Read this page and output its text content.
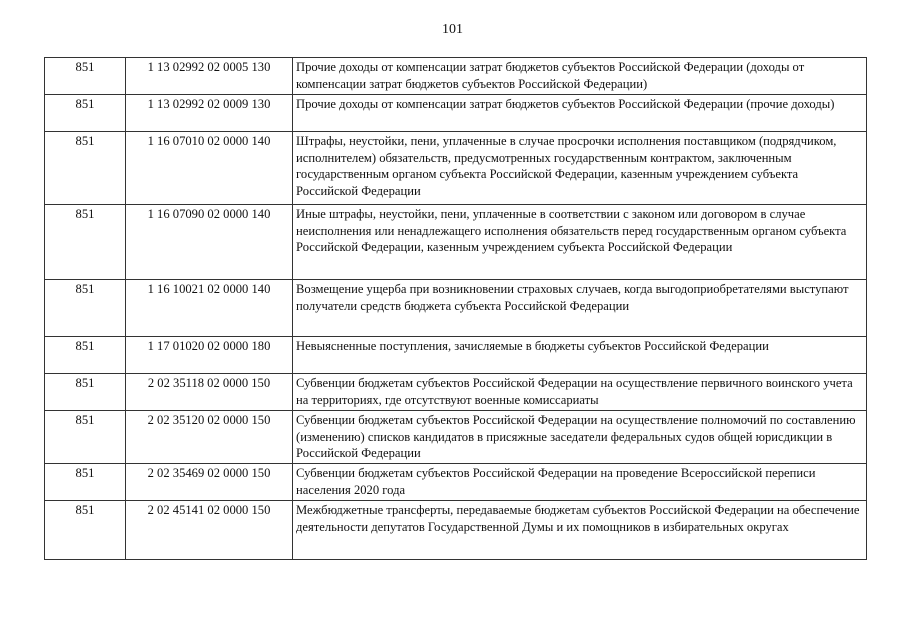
101
851	1 13 02992 02 0005 130	Прочие доходы от компенсации затрат бюджетов субъектов Российской Федерации (доходы от компенсации затрат бюджетов субъектов Российской Федерации)
851	1 13 02992 02 0009 130	Прочие доходы от компенсации затрат бюджетов субъектов Российской Федерации (прочие доходы)
851	1 16 07010 02 0000 140	Штрафы, неустойки, пени, уплаченные в случае просрочки исполнения поставщиком (подрядчиком, исполнителем) обязательств, предусмотренных государственным контрактом, заключенным государственным органом субъекта Российской Федерации, казенным учреждением субъекта Российской Федерации
851	1 16 07090 02 0000 140	Иные штрафы, неустойки, пени, уплаченные в соответствии с законом или договором в случае неисполнения или ненадлежащего исполнения обязательств перед государственным органом субъекта Российской Федерации, казенным учреждением субъекта Российской Федерации
851	1 16 10021 02 0000 140	Возмещение ущерба при возникновении страховых случаев, когда выгодоприобретателями выступают получатели средств бюджета субъекта Российской Федерации
851	1 17 01020 02 0000 180	Невыясненные поступления, зачисляемые в бюджеты субъектов Российской Федерации
851	2 02 35118 02 0000 150	Субвенции бюджетам субъектов Российской Федерации на осуществление первичного воинского учета на территориях, где отсутствуют военные комиссариаты
851	2 02 35120 02 0000 150	Субвенции бюджетам субъектов Российской Федерации на осуществление полномочий по составлению (изменению) списков кандидатов в присяжные заседатели федеральных судов общей юрисдикции в Российской Федерации
851	2 02 35469 02 0000 150	Субвенции бюджетам субъектов Российской Федерации на проведение Всероссийской переписи населения 2020 года
851	2 02 45141 02 0000 150	Межбюджетные трансферты, передаваемые бюджетам субъектов Российской Федерации на обеспечение деятельности депутатов Государственной Думы и их помощников в избирательных округах
